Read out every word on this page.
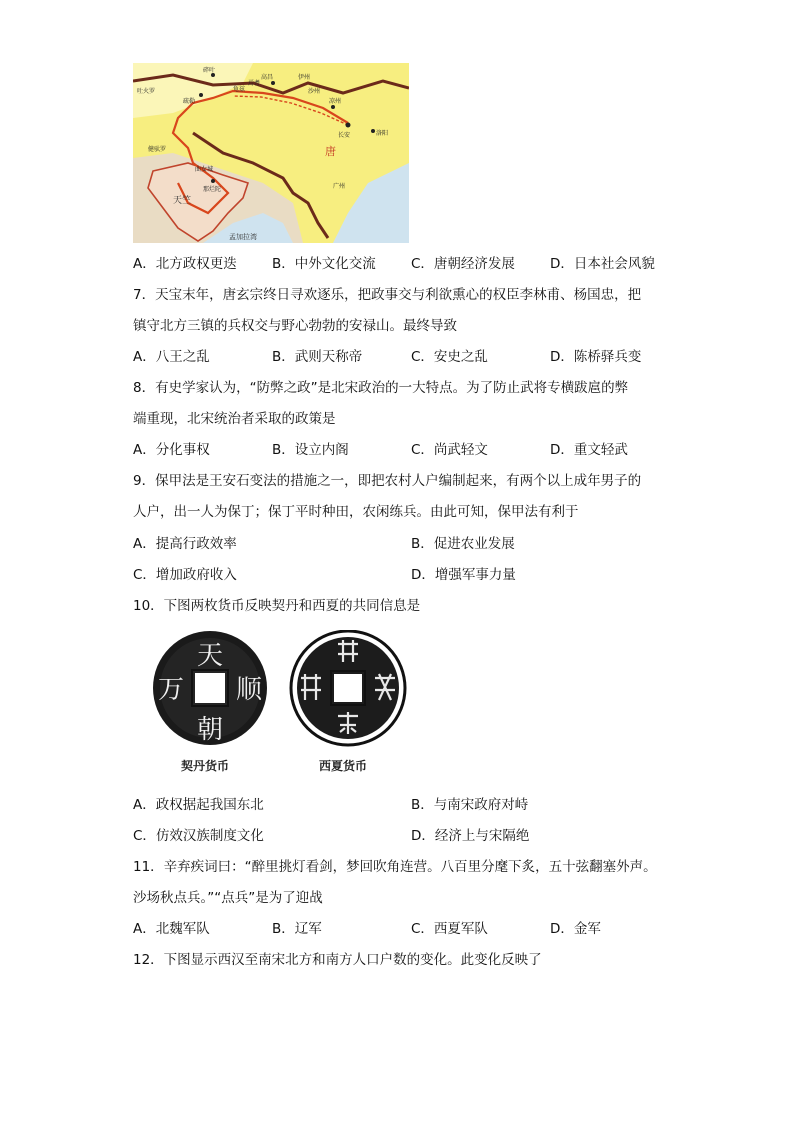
唐
天竺
孟加拉湾
长安	洛阳
凉州
高昌	伊州
沙州
碎叶
龟兹
焉耆
疏勒
吐火罗
健驮罗
那烂陀
曲女城
广州
A．北方政权更迭	B．中外文化交流	C．唐朝经济发展	D．日本社会风貌
7．天宝末年，唐玄宗终日寻欢逐乐，把政事交与利欲熏心的权臣李林甫、杨国忠，把
镇守北方三镇的兵权交与野心勃勃的安禄山。最终导致
A．八王之乱	B．武则天称帝	C．安史之乱	D．陈桥驿兵变
8．有史学家认为，“防弊之政”是北宋政治的一大特点。为了防止武将专横跋扈的弊
端重现，北宋统治者采取的政策是
A．分化事权	B．设立内阁	C．尚武轻文	D．重文轻武
9．保甲法是王安石变法的措施之一，即把农村人户编制起来，有两个以上成年男子的
人户，出一人为保丁；保丁平时种田，农闲练兵。由此可知，保甲法有利于
A．提高行政效率	B．促进农业发展
C．增加政府收入	D．增强军事力量
10．下图两枚货币反映契丹和西夏的共同信息是
天
朝
万 顺
契丹货币	西夏货币
A．政权据起我国东北	B．与南宋政府对峙
C．仿效汉族制度文化	D．经济上与宋隔绝
11．辛弃疾词曰：“醉里挑灯看剑，梦回吹角连营。八百里分麾下炙，五十弦翻塞外声。
沙场秋点兵。”“点兵”是为了迎战
A．北魏军队	B．辽军	C．西夏军队	D．金军
12．下图显示西汉至南宋北方和南方人口户数的变化。此变化反映了
